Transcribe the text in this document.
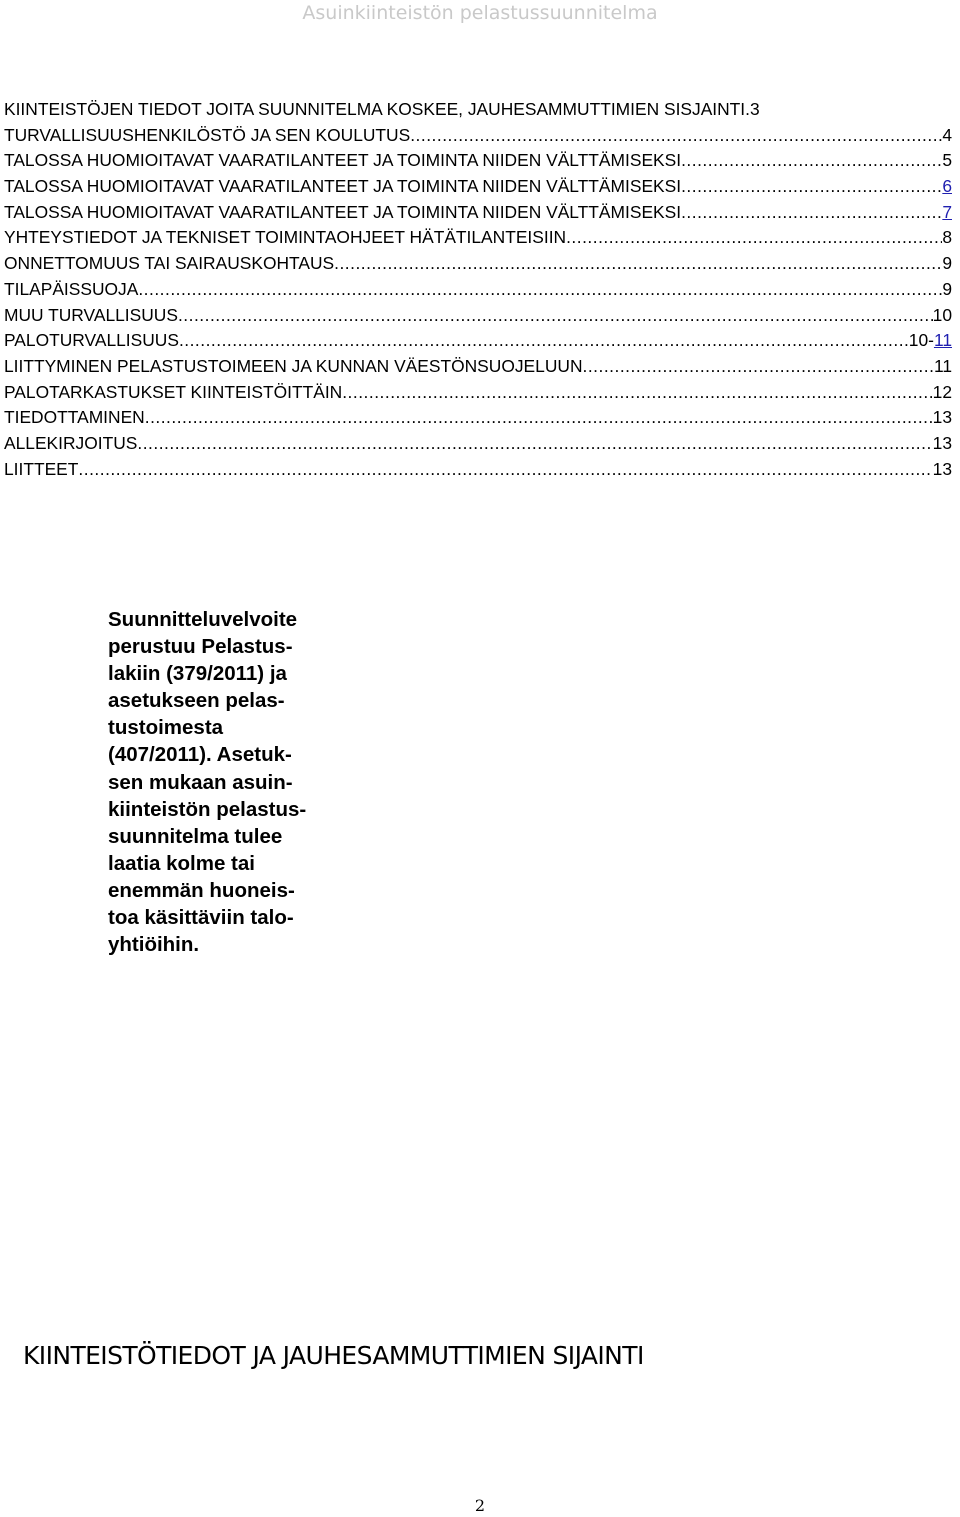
Asuinkiinteistön pelastussuunnitelma
KIINTEISTÖJEN TIEDOT JOITA SUUNNITELMA KOSKEE, JAUHESAMMUTTIMIEN SISJAINTI. 3
TURVALLISUUSHENKILÖSTÖ JA SEN KOULUTUS .....	4
TALOSSA HUOMIOITAVAT VAARATILANTEET JA TOIMINTA NIIDEN VÄLTTÄMISEKSI .....	5
TALOSSA HUOMIOITAVAT VAARATILANTEET JA TOIMINTA NIIDEN VÄLTTÄMISEKSI .....	6
TALOSSA HUOMIOITAVAT VAARATILANTEET JA TOIMINTA NIIDEN VÄLTTÄMISEKSI .....	7
YHTEYSTIEDOT JA TEKNISET TOIMINTAOHJEET HÄTÄTILANTEISIIN .....	8
ONNETTOMUUS TAI SAIRAUSKOHTAUS .....	9
TILAPÄISSUOJA .....	9
MUU TURVALLISUUS .....	10
PALOTURVALLISUUS .....	10-11
LIITTYMINEN PELASTUSTOIMEEN JA KUNNAN VÄESTÖNSUOJELUUN .....	11
PALOTARKASTUKSET KIINTEISTÖITTÄIN .....	12
TIEDOTTAMINEN .....	13
ALLEKIRJOITUS .....	13
LIITTEET .....	13
Suunnitteluvelvoite
perustuu Pelastus-
lakiin (379/2011) ja
asetukseen pelas-
tustoimesta
(407/2011). Asetuk-
sen mukaan asuin-
kiinteistön pelastus-
suunnitelma tulee
laatia kolme tai
enemmän huoneis-
toa käsittäviin talo-
yhtiöihin.
KIINTEISTÖTIEDOT JA JAUHESAMMUTTIMIEN SIJAINTI
2
